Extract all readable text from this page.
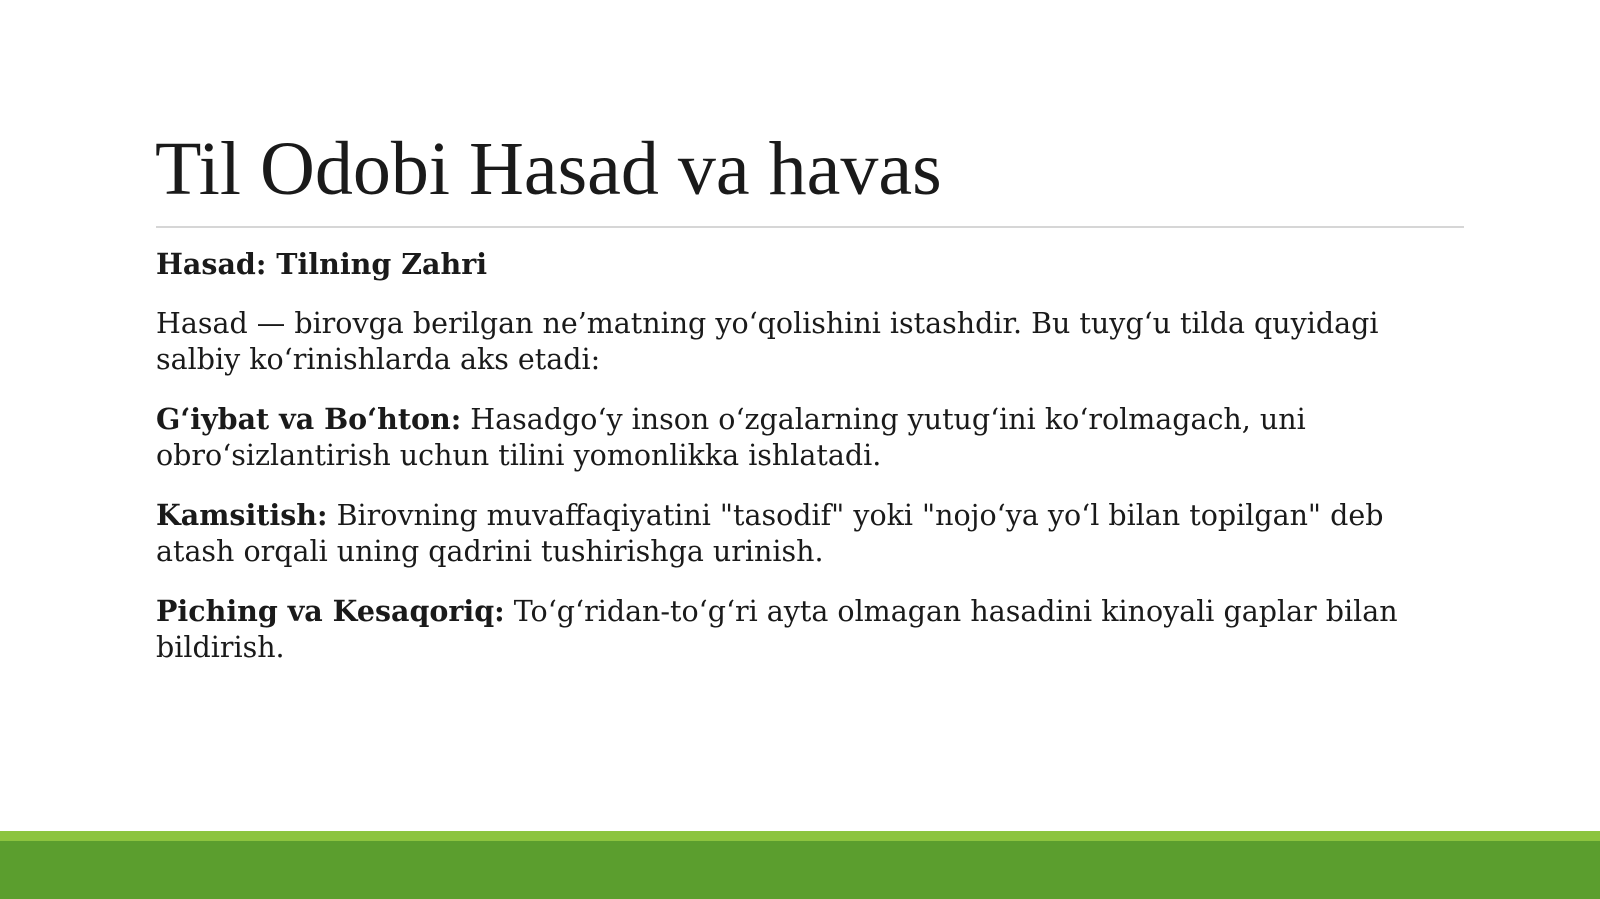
Til Odobi Hasad va havas

Hasad: Tilning Zahri

Hasad — birovga berilgan ne’matning yo‘qolishini istashdir. Bu tuyg‘u tilda quyidagi salbiy ko‘rinishlarda aks etadi:

G‘iybat va Bo‘hton: Hasadgo‘y inson o‘zgalarning yutug‘ini ko‘rolmagach, uni obro‘sizlantirish uchun tilini yomonlikka ishlatadi.

Kamsitish: Birovning muvaffaqiyatini "tasodif" yoki "nojo‘ya yo‘l bilan topilgan" deb atash orqali uning qadrini tushirishga urinish.

Piching va Kesaqoriq: To‘g‘ridan-to‘g‘ri ayta olmagan hasadini kinoyali gaplar bilan bildirish.
